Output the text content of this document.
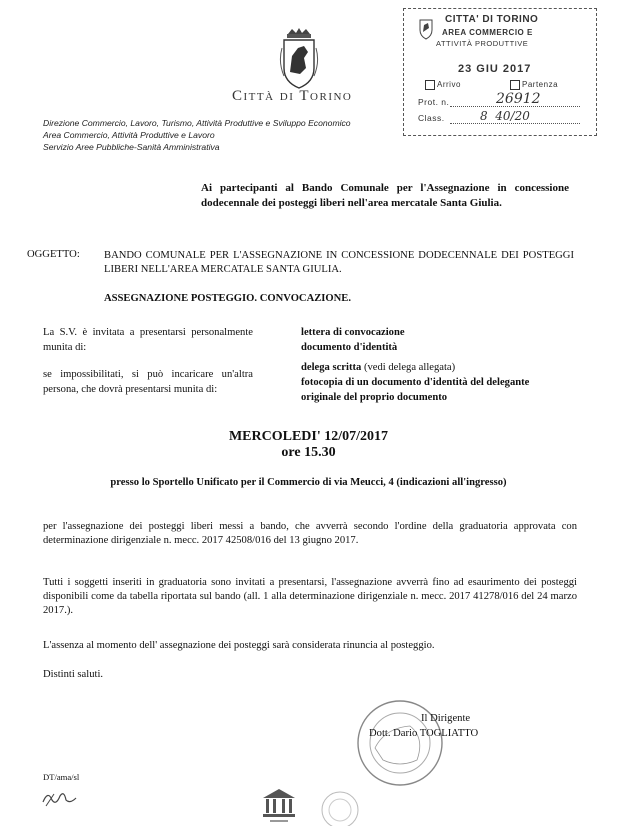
Città di Torino
Direzione Commercio, Lavoro, Turismo, Attività Produttive e Sviluppo Economico
Area Commercio, Attività Produttive e Lavoro
Servizio Aree Pubbliche-Sanità Amministrativa
CITTA' DI TORINO
AREA COMMERCIO E
ATTIVITÀ PRODUTTIVE
23 GIU 2017
Arrivo	Partenza
Prot. n.	26912
Class.	8  40/20
Ai partecipanti al Bando Comunale per l'Assegnazione in concessione dodecennale dei posteggi liberi nell'area mercatale Santa Giulia.
OGGETTO: BANDO COMUNALE PER L'ASSEGNAZIONE IN CONCESSIONE DODECENNALE DEI POSTEGGI LIBERI NELL'AREA MERCATALE SANTA GIULIA.
ASSEGNAZIONE POSTEGGIO. CONVOCAZIONE.
La S.V. è invitata a presentarsi personalmente munita di:
lettera di convocazione
documento d'identità
se impossibilitati, si può incaricare un'altra persona, che dovrà presentarsi munita di:
delega scritta (vedi delega allegata)
fotocopia di un documento d'identità del delegante
originale del proprio documento
MERCOLEDI' 12/07/2017
ore 15.30
presso lo Sportello Unificato per il Commercio di via Meucci, 4 (indicazioni all'ingresso)
per l'assegnazione dei posteggi liberi messi a bando, che avverrà secondo l'ordine della graduatoria approvata con determinazione dirigenziale n. mecc. 2017 42508/016 del 13 giugno 2017.
Tutti i soggetti inseriti in graduatoria sono invitati a presentarsi, l'assegnazione avverrà fino ad esaurimento dei posteggi disponibili come da tabella riportata sul bando (all. 1 alla determinazione dirigenziale n. mecc. 2017 41278/016 del 24 marzo 2017.).
L'assenza al momento dell' assegnazione dei posteggi sarà considerata rinuncia al posteggio.
Distinti saluti.
Il Dirigente
Dott. Dario TOGLIATTO
DT/ama/sl
